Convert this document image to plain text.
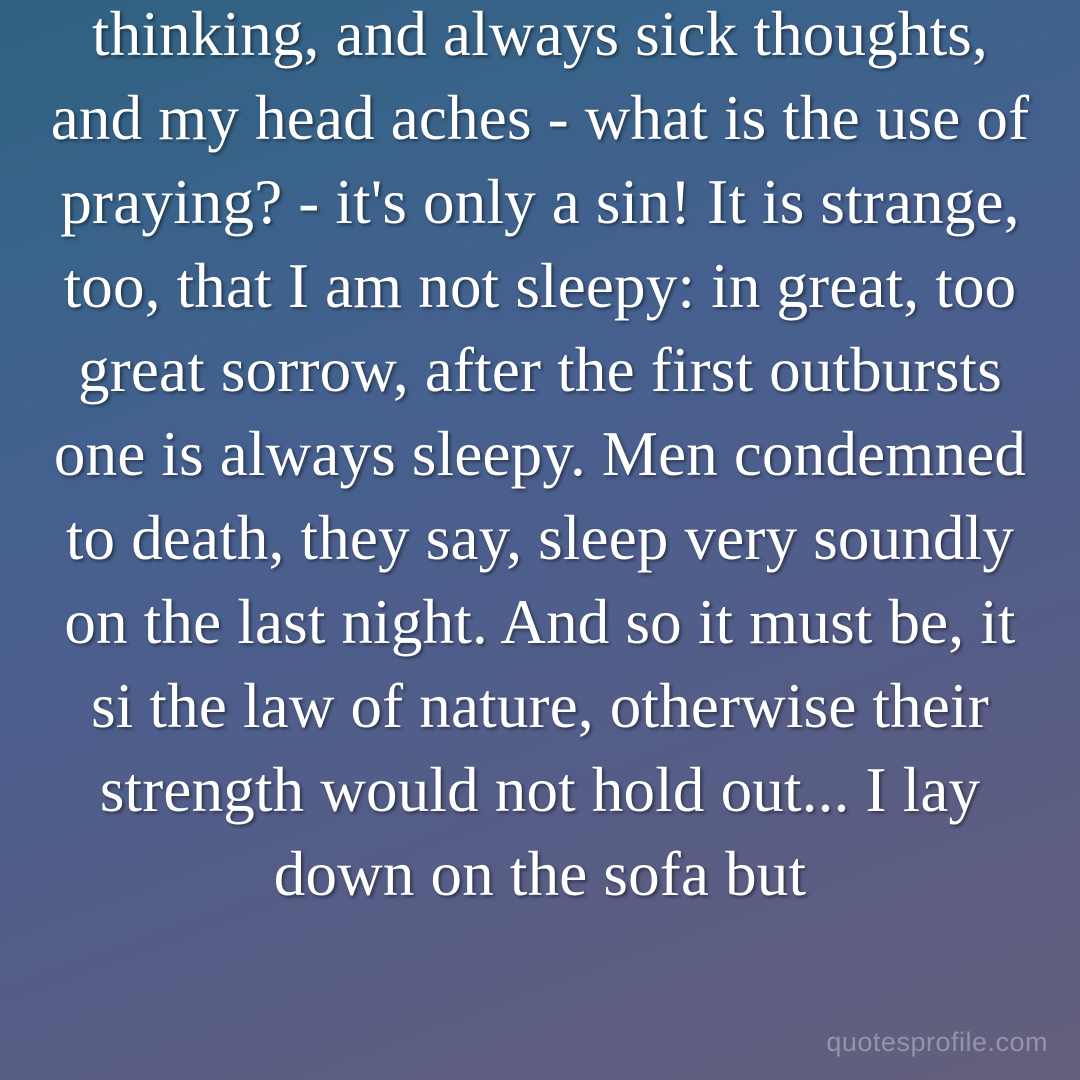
thinking, and always sick thoughts, and my head aches - what is the use of praying? - it's only a sin! It is strange, too, that I am not sleepy: in great, too great sorrow, after the first outbursts one is always sleepy. Men condemned to death, they say, sleep very soundly on the last night. And so it must be, it si the law of nature, otherwise their strength would not hold out... I lay down on the sofa but

quotesprofile.com
